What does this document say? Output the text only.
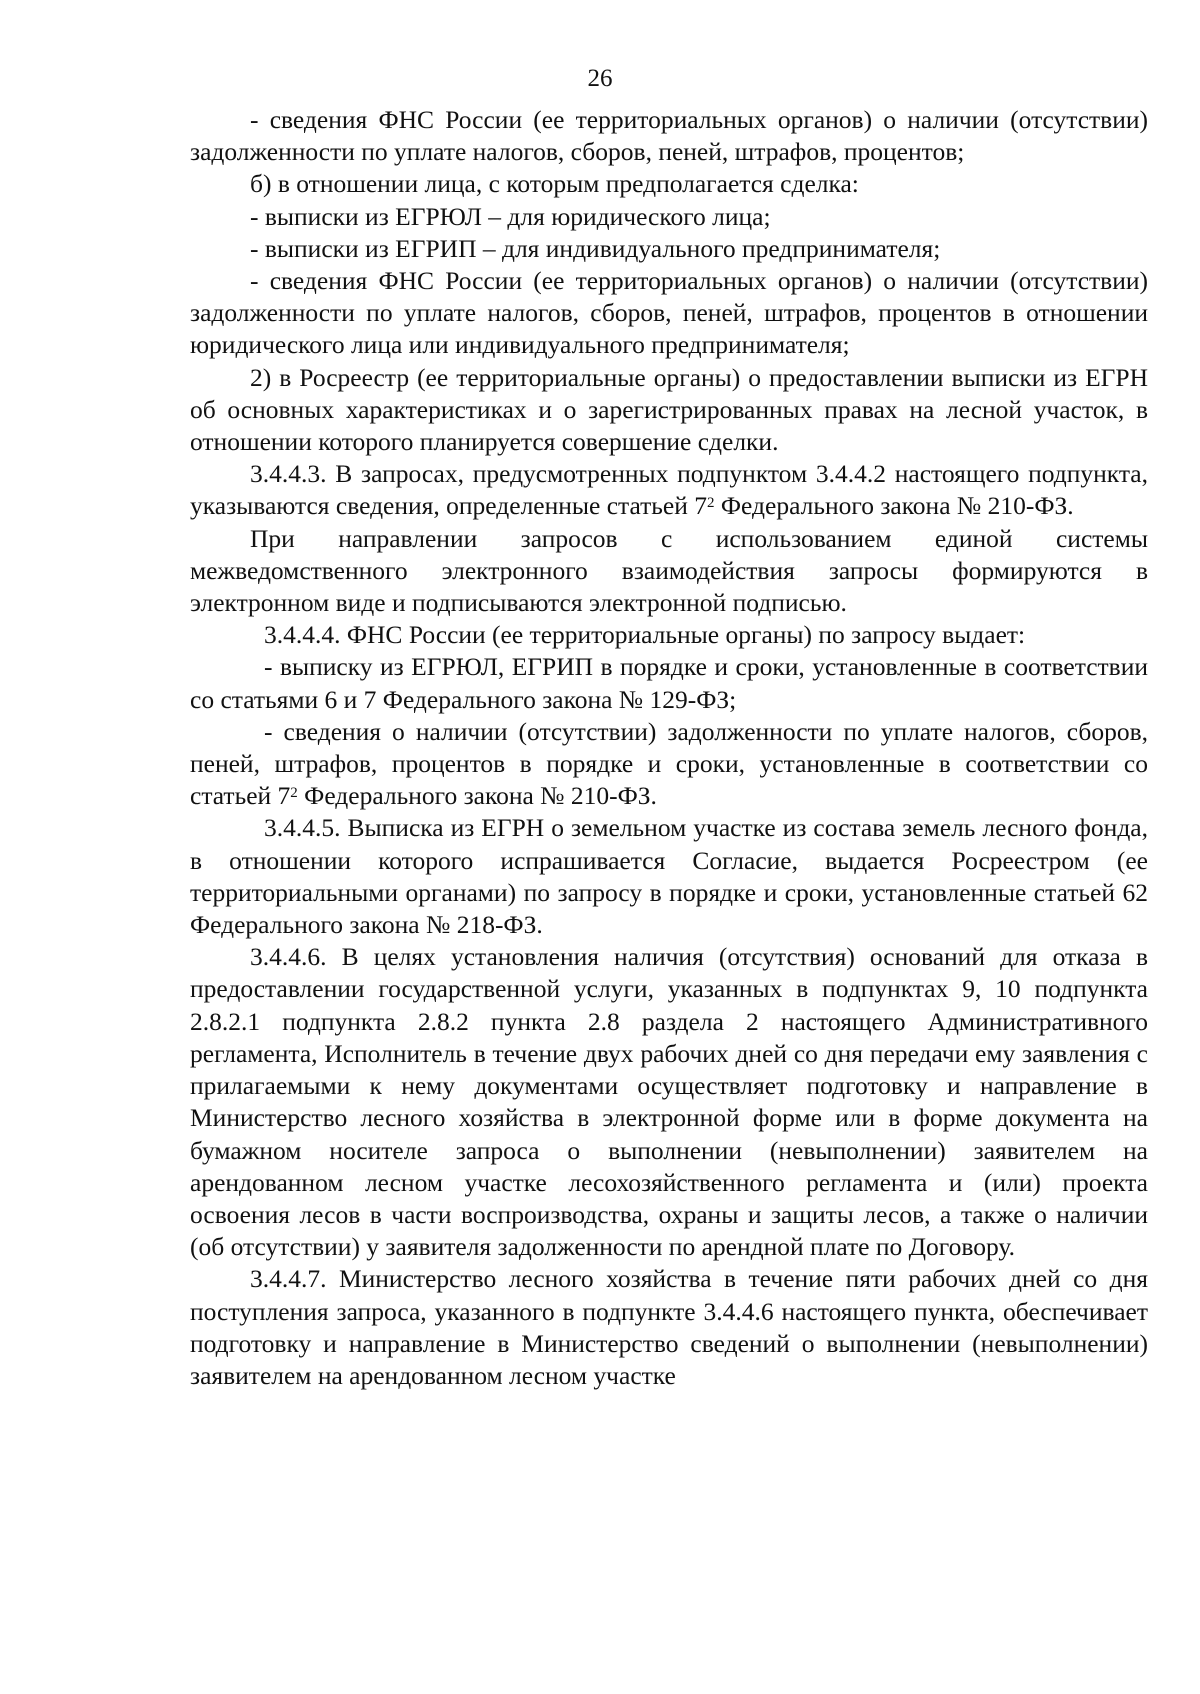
26

- сведения ФНС России (ее территориальных органов) о наличии (отсутствии) задолженности по уплате налогов, сборов, пеней, штрафов, процентов;

б) в отношении лица, с которым предполагается сделка:

- выписки из ЕГРЮЛ – для юридического лица;

- выписки из ЕГРИП – для индивидуального предпринимателя;

- сведения ФНС России (ее территориальных органов) о наличии (отсутствии) задолженности по уплате налогов, сборов, пеней, штрафов, процентов в отношении юридического лица или индивидуального предпринимателя;

2) в Росреестр (ее территориальные органы) о предоставлении выписки из ЕГРН об основных характеристиках и о зарегистрированных правах на лесной участок, в отношении которого планируется совершение сделки.

3.4.4.3. В запросах, предусмотренных подпунктом 3.4.4.2 настоящего подпункта, указываются сведения, определенные статьей $7^2$ Федерального закона № 210-ФЗ.

При направлении запросов с использованием единой системы межведомственного электронного взаимодействия запросы формируются в электронном виде и подписываются электронной подписью.

3.4.4.4. ФНС России (ее территориальные органы) по запросу выдает:

- выписку из ЕГРЮЛ, ЕГРИП в порядке и сроки, установленные в соответствии со статьями 6 и 7 Федерального закона № 129-ФЗ;

- сведения о наличии (отсутствии) задолженности по уплате налогов, сборов, пеней, штрафов, процентов в порядке и сроки, установленные в соответствии со статьей $7^2$ Федерального закона № 210-ФЗ.

3.4.4.5. Выписка из ЕГРН о земельном участке из состава земель лесного фонда, в отношении которого испрашивается Согласие, выдается Росреестром (ее территориальными органами) по запросу в порядке и сроки, установленные статьей 62 Федерального закона № 218-ФЗ.

3.4.4.6. В целях установления наличия (отсутствия) оснований для отказа в предоставлении государственной услуги, указанных в подпунктах 9, 10 подпункта 2.8.2.1 подпункта 2.8.2 пункта 2.8 раздела 2 настоящего Административного регламента, Исполнитель в течение двух рабочих дней со дня передачи ему заявления с прилагаемыми к нему документами осуществляет подготовку и направление в Министерство лесного хозяйства в электронной форме или в форме документа на бумажном носителе запроса о выполнении (невыполнении) заявителем на арендованном лесном участке лесохозяйственного регламента и (или) проекта освоения лесов в части воспроизводства, охраны и защиты лесов, а также о наличии (об отсутствии) у заявителя задолженности по арендной плате по Договору.

3.4.4.7. Министерство лесного хозяйства в течение пяти рабочих дней со дня поступления запроса, указанного в подпункте 3.4.4.6 настоящего пункта, обеспечивает подготовку и направление в Министерство сведений о выполнении (невыполнении) заявителем на арендованном лесном участке
